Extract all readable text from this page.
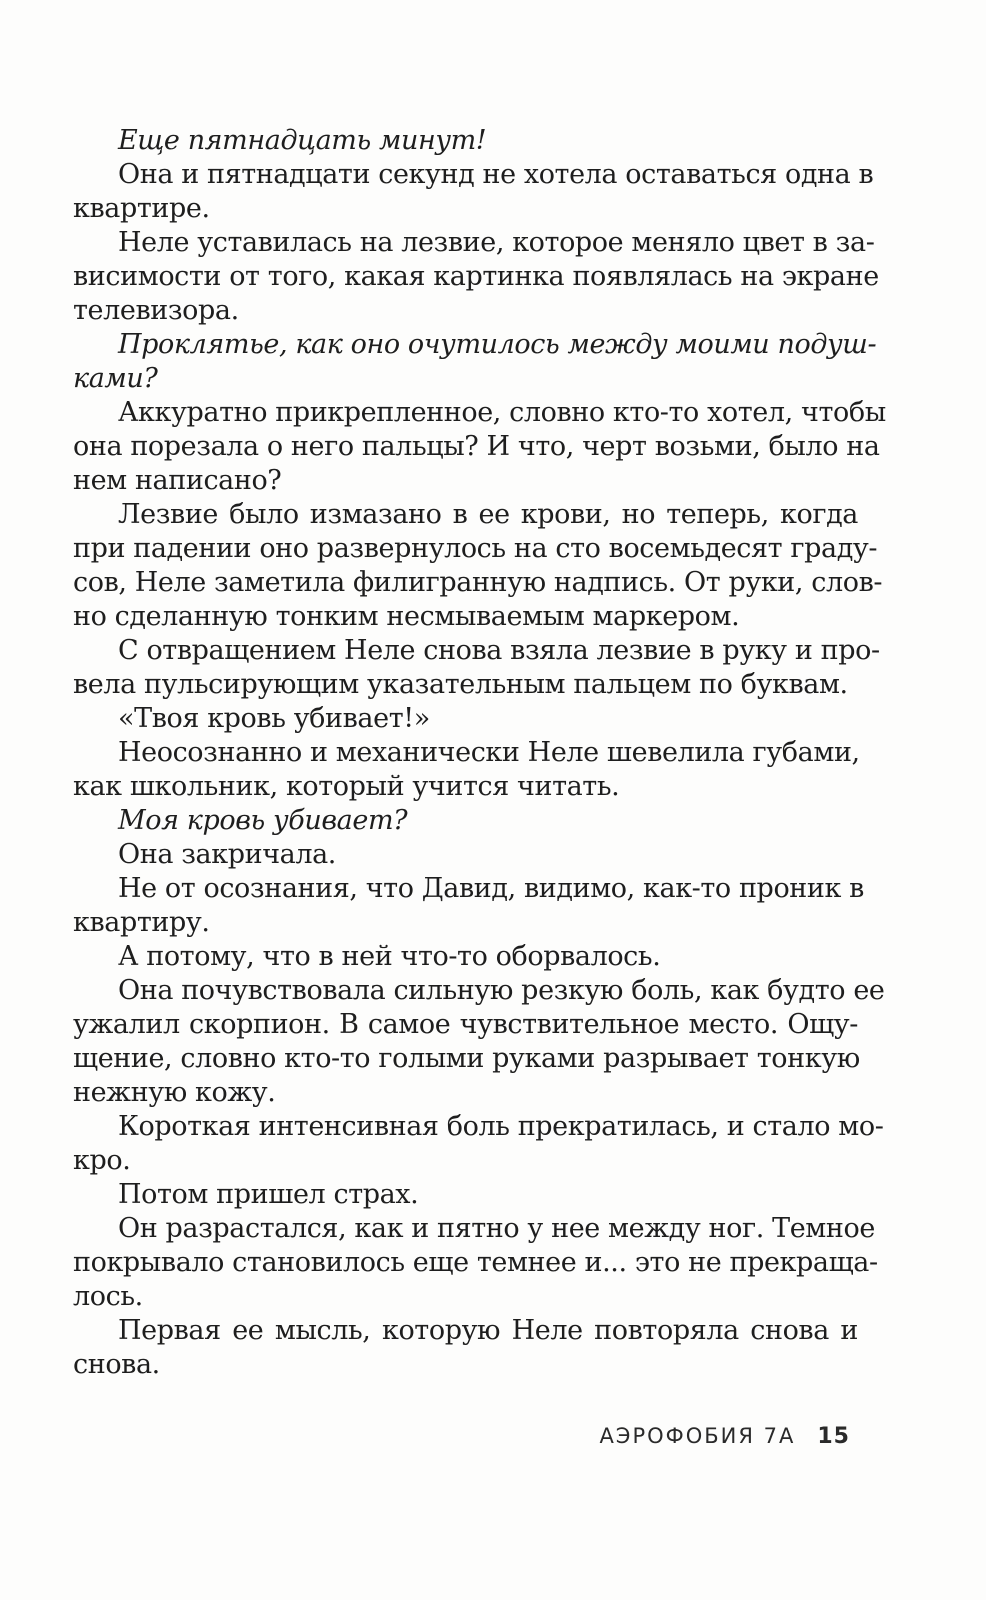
Еще пятнадцать минут!
Она и пятнадцати секунд не хотела оставаться одна в
квартире.
Неле уставилась на лезвие, которое меняло цвет в за-
висимости от того, какая картинка появлялась на экране
телевизора.
Проклятье, как оно очутилось между моими подуш-
ками?
Аккуратно прикрепленное, словно кто-то хотел, чтобы
она порезала о него пальцы? И что, черт возьми, было на
нем написано?
Лезвие было измазано в ее крови, но теперь, когда
при падении оно развернулось на сто восемьдесят граду-
сов, Неле заметила филигранную надпись. От руки, слов-
но сделанную тонким несмываемым маркером.
С отвращением Неле снова взяла лезвие в руку и про-
вела пульсирующим указательным пальцем по буквам.
«Твоя кровь убивает!»
Неосознанно и механически Неле шевелила губами,
как школьник, который учится читать.
Моя кровь убивает?
Она закричала.
Не от осознания, что Давид, видимо, как-то проник в
квартиру.
А потому, что в ней что-то оборвалось.
Она почувствовала сильную резкую боль, как будто ее
ужалил скорпион. В самое чувствительное место. Ощу-
щение, словно кто-то голыми руками разрывает тонкую
нежную кожу.
Короткая интенсивная боль прекратилась, и стало мо-
кро.
Потом пришел страх.
Он разрастался, как и пятно у нее между ног. Темное
покрывало становилось еще темнее и... это не прекраща-
лось.
Первая ее мысль, которую Неле повторяла снова и
снова.
АЭРОФОБИЯ 7А 15
